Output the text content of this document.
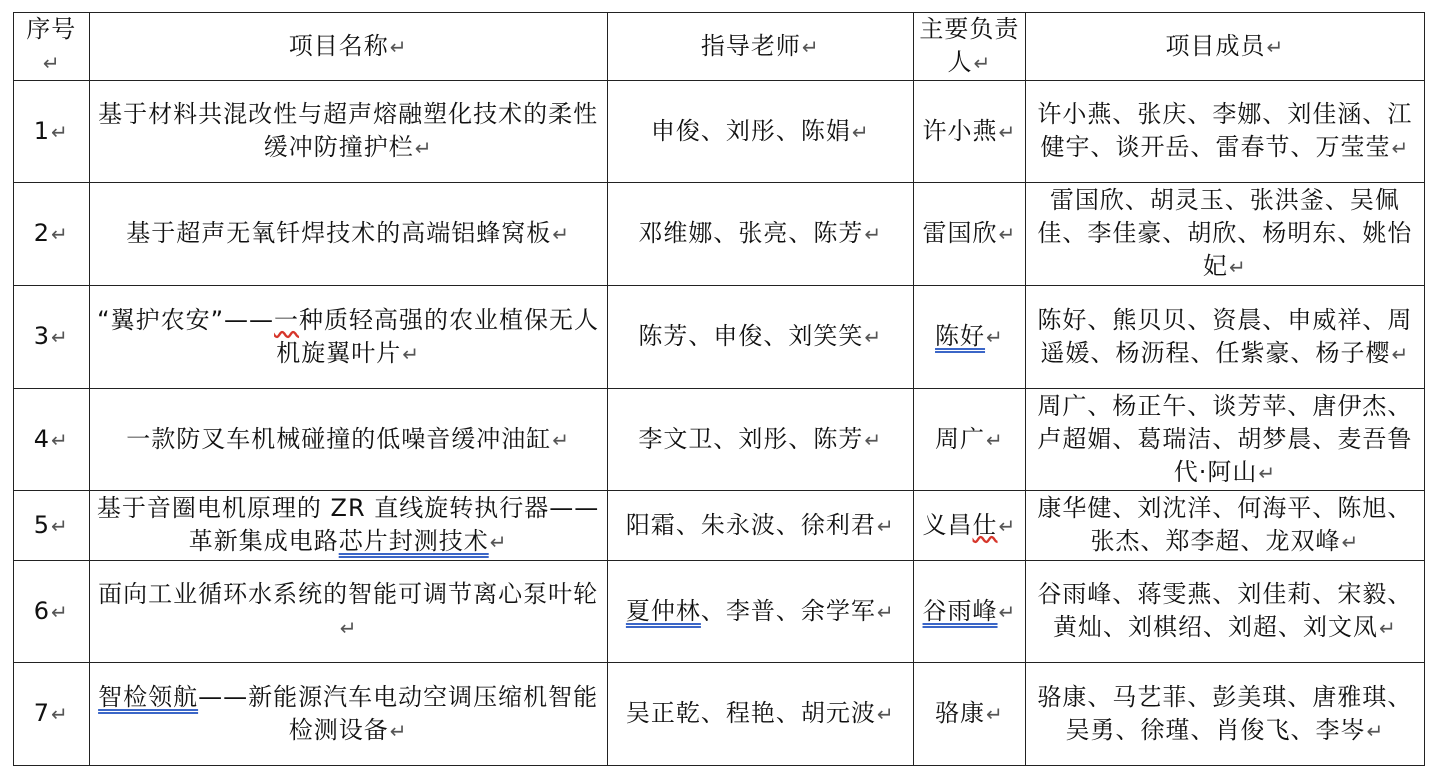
序号↵	项目名称↵	指导老师↵	主要负责人↵	项目成员↵
1↵	基于材料共混改性与超声熔融塑化技术的柔性缓冲防撞护栏↵	申俊、刘彤、陈娟↵	许小燕↵	许小燕、张庆、李娜、刘佳涵、江健宇、谈开岳、雷春节、万莹莹↵
2↵	基于超声无氧钎焊技术的高端铝蜂窝板↵	邓维娜、张亮、陈芳↵	雷国欣↵	雷国欣、胡灵玉、张洪釜、吴佩佳、李佳豪、胡欣、杨明东、姚怡妃↵
3↵	“翼护农安”——一种质轻高强的农业植保无人机旋翼叶片↵	陈芳、申俊、刘笑笑↵	陈好↵	陈好、熊贝贝、资晨、申威祥、周遥媛、杨沥程、任紫豪、杨子樱↵
4↵	一款防叉车机械碰撞的低噪音缓冲油缸↵	李文卫、刘彤、陈芳↵	周广↵	周广、杨正午、谈芳苹、唐伊杰、卢超媚、葛瑞洁、胡梦晨、麦吾鲁代·阿山↵
5↵	基于音圈电机原理的 ZR 直线旋转执行器——革新集成电路芯片封测技术↵	阳霜、朱永波、徐利君↵	义昌仕↵	康华健、刘沈洋、何海平、陈旭、张杰、郑李超、龙双峰↵
6↵	面向工业循环水系统的智能可调节离心泵叶轮↵	夏仲林、李普、余学军↵	谷雨峰↵	谷雨峰、蒋雯燕、刘佳莉、宋毅、黄灿、刘棋绍、刘超、刘文凤↵
7↵	智检领航——新能源汽车电动空调压缩机智能检测设备↵	吴正乾、程艳、胡元波↵	骆康↵	骆康、马艺菲、彭美琪、唐雅琪、吴勇、徐瑾、肖俊飞、李岑↵
